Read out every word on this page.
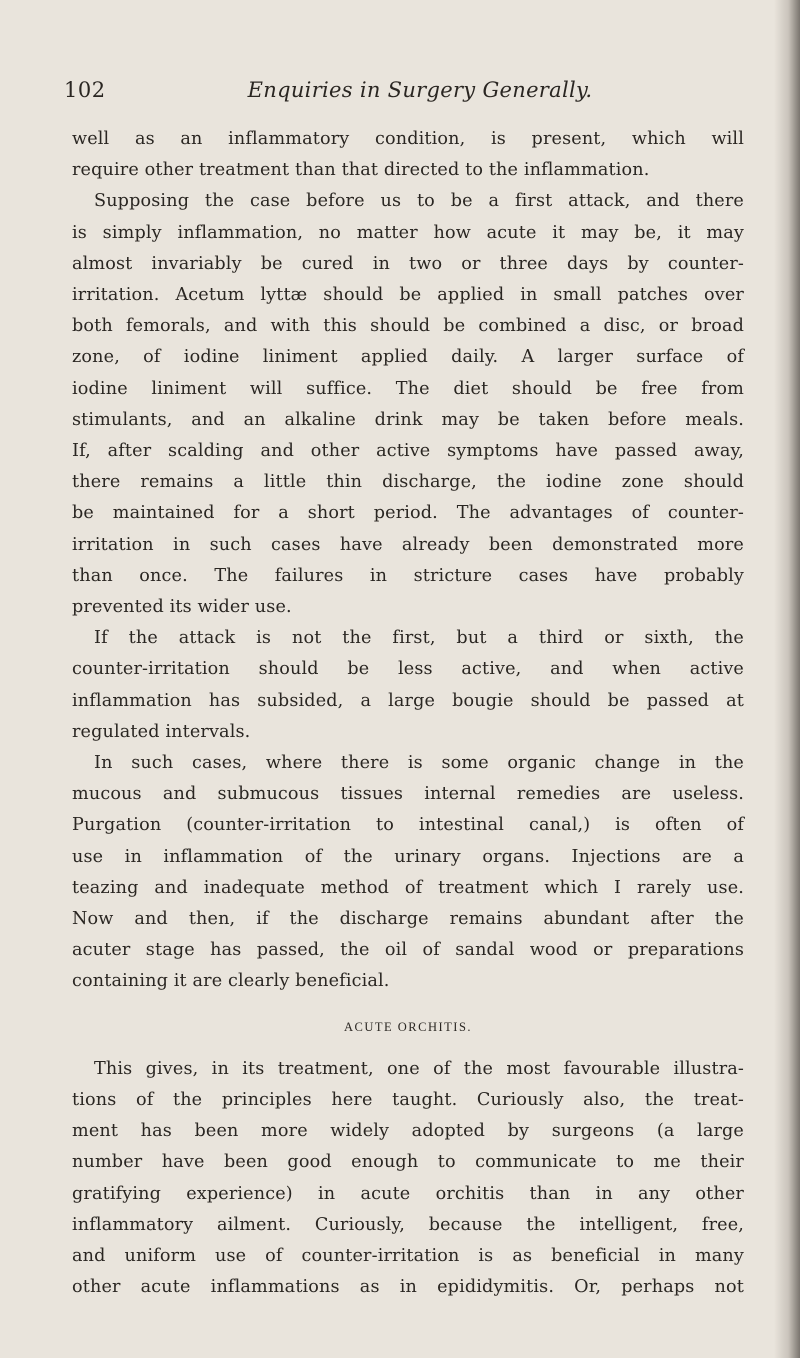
102	Enquiries in Surgery Generally.
well as an inflammatory condition, is present, which will
require other treatment than that directed to the inflammation.
Supposing the case before us to be a first attack, and there
is simply inflammation, no matter how acute it may be, it may
almost invariably be cured in two or three days by counter-
irritation. Acetum lyttæ should be applied in small patches over
both femorals, and with this should be combined a disc, or broad
zone, of iodine liniment applied daily. A larger surface of
iodine liniment will suffice. The diet should be free from
stimulants, and an alkaline drink may be taken before meals.
If, after scalding and other active symptoms have passed away,
there remains a little thin discharge, the iodine zone should
be maintained for a short period. The advantages of counter-
irritation in such cases have already been demonstrated more
than once. The failures in stricture cases have probably
prevented its wider use.
If the attack is not the first, but a third or sixth, the
counter-irritation should be less active, and when active
inflammation has subsided, a large bougie should be passed at
regulated intervals.
In such cases, where there is some organic change in the
mucous and submucous tissues internal remedies are useless.
Purgation (counter-irritation to intestinal canal,) is often of
use in inflammation of the urinary organs. Injections are a
teazing and inadequate method of treatment which I rarely use.
Now and then, if the discharge remains abundant after the
acuter stage has passed, the oil of sandal wood or preparations
containing it are clearly beneficial.
ACUTE ORCHITIS.
This gives, in its treatment, one of the most favourable illustra-
tions of the principles here taught. Curiously also, the treat-
ment has been more widely adopted by surgeons (a large
number have been good enough to communicate to me their
gratifying experience) in acute orchitis than in any other
inflammatory ailment. Curiously, because the intelligent, free,
and uniform use of counter-irritation is as beneficial in many
other acute inflammations as in epididymitis. Or, perhaps not
